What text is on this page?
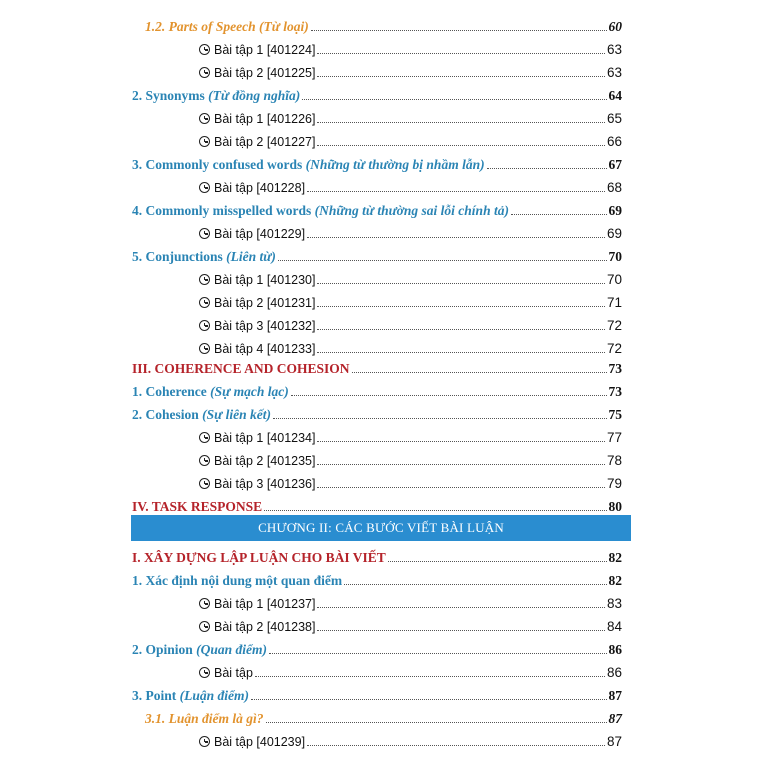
1.2. Parts of Speech (Từ loại)	60
Bài tập 1 [401224]	63
Bài tập 2 [401225]	63
2. Synonyms (Từ đồng nghĩa)	64
Bài tập 1 [401226]	65
Bài tập 2 [401227]	66
3. Commonly confused words (Những từ thường bị nhầm lẫn)	67
Bài tập [401228]	68
4. Commonly misspelled words (Những từ thường sai lỗi chính tả)	69
Bài tập [401229]	69
5. Conjunctions (Liên từ)	70
Bài tập 1 [401230]	70
Bài tập 2 [401231]	71
Bài tập 3 [401232]	72
Bài tập 4 [401233]	72
III. COHERENCE AND COHESION	73
1. Coherence (Sự mạch lạc)	73
2. Cohesion (Sự liên kết)	75
Bài tập 1 [401234]	77
Bài tập 2 [401235]	78
Bài tập 3 [401236]	79
IV. TASK RESPONSE	80
I. XÂY DỰNG LẬP LUẬN CHO BÀI VIẾT	82
1. Xác định nội dung một quan điểm	82
Bài tập 1 [401237]	83
Bài tập 2 [401238]	84
2. Opinion (Quan điểm)	86
Bài tập	86
3. Point (Luận điểm)	87
3.1. Luận điểm là gì?	87
Bài tập [401239]	87
CHƯƠNG II: CÁC BƯỚC VIẾT BÀI LUẬN
